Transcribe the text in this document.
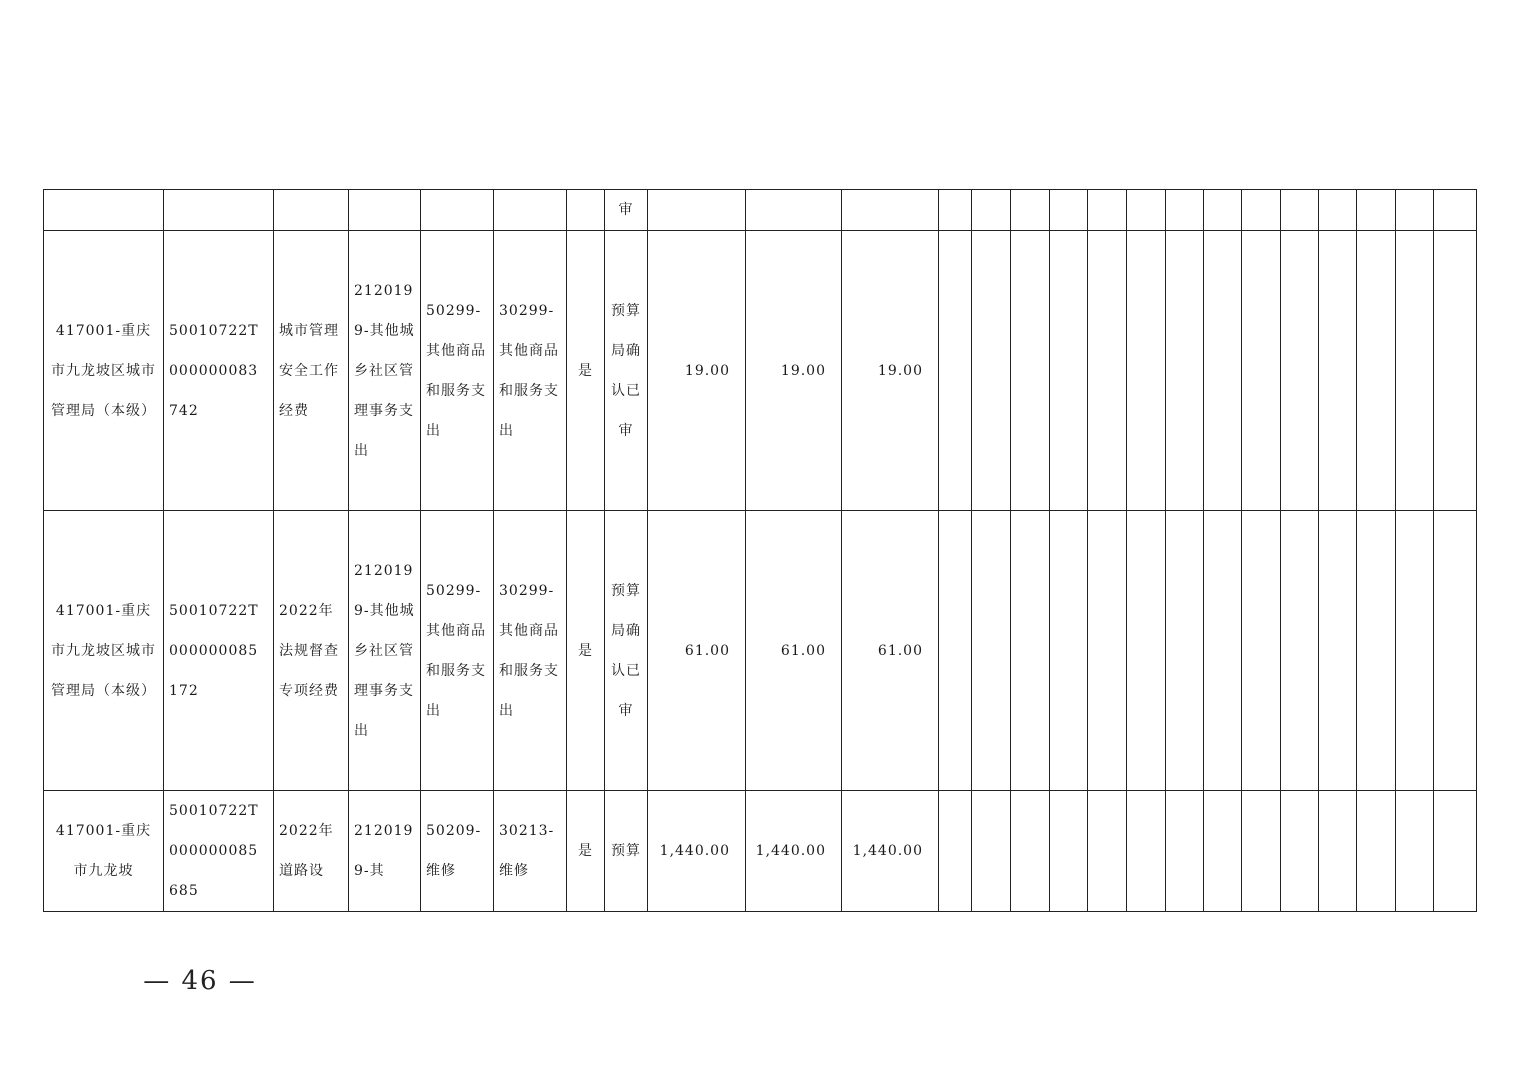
							审																	

417001-重庆市九龙坡区城市管理局（本级）	50010722T000000083742	城市管理安全工作经费	2120199-其他城乡社区管理事务支出	50299-其他商品和服务支出	30299-其他商品和服务支出	是	预算局确认已审	19.00	19.00	19.00														

417001-重庆市九龙坡区城市管理局（本级）	50010722T000000085172	2022年法规督查专项经费	2120199-其他城乡社区管理事务支出	50299-其他商品和服务支出	30299-其他商品和服务支出	是	预算局确认已审	61.00	61.00	61.00														

417001-重庆市九龙坡	50010722T000000085685	2022年道路设	2120199-其	50209-维修	30213-维修	是	预算	1,440.00	1,440.00	1,440.00														

— 46 —
